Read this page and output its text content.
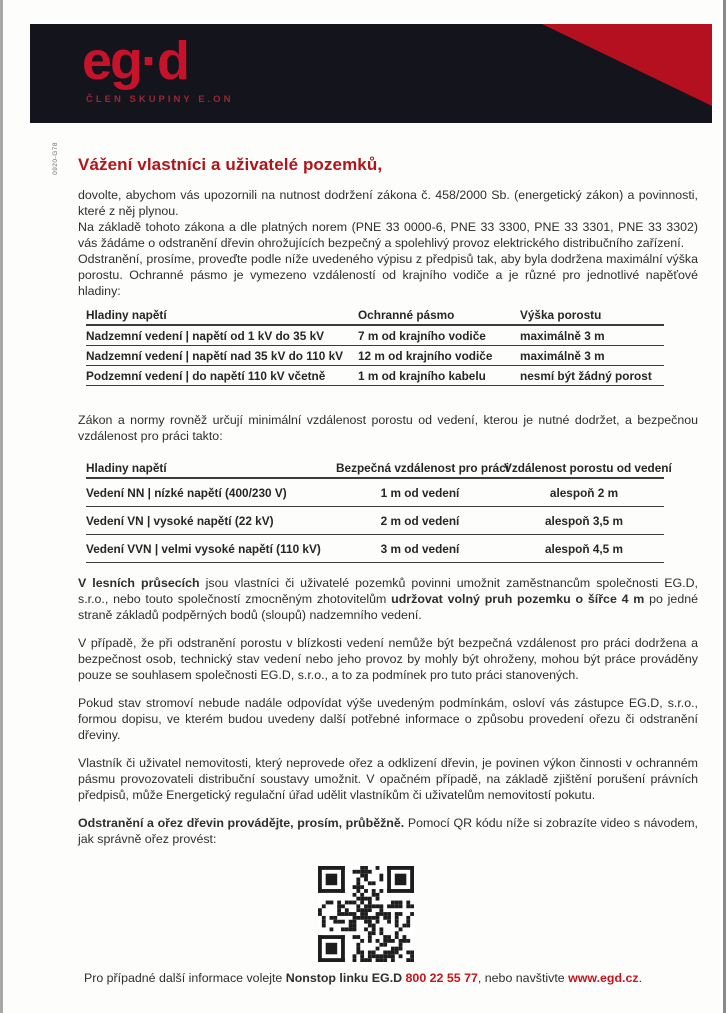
eg·d
ČLEN SKUPINY E.ON
0920-G78 Vážení vlastníci a uživatelé pozemků,

dovolte, abychom vás upozornili na nutnost dodržení zákona č. 458/2000 Sb. (energetický zákon) a povinnosti, které z něj plynou.

Na základě tohoto zákona a dle platných norem (PNE 33 0000-6, PNE 33 3300, PNE 33 3301, PNE 33 3302) vás žádáme o odstranění dřevin ohrožujících bezpečný a spolehlivý provoz elektrického distribučního zařízení.

Odstranění, prosíme, proveďte podle níže uvedeného výpisu z předpisů tak, aby byla dodržena maximální výška porostu. Ochranné pásmo je vymezeno vzdáleností od krajního vodiče a je různé pro jednotlivé napěťové hladiny:

Hladiny napětí	Ochranné pásmo	Výška porostu
Nadzemní vedení | napětí od 1 kV do 35 kV	7 m od krajního vodiče	maximálně 3 m
Nadzemní vedení | napětí nad 35 kV do 110 kV	12 m od krajního vodiče	maximálně 3 m
Podzemní vedení | do napětí 110 kV včetně	1 m od krajního kabelu	nesmí být žádný porost

Zákon a normy rovněž určují minimální vzdálenost porostu od vedení, kterou je nutné dodržet, a bezpečnou vzdálenost pro práci takto:

Hladiny napětí	Bezpečná vzdálenost pro práci	Vzdálenost porostu od vedení
Vedení NN | nízké napětí (400/230 V)	1 m od vedení	alespoň 2 m
Vedení VN | vysoké napětí (22 kV)	2 m od vedení	alespoň 3,5 m
Vedení VVN | velmi vysoké napětí (110 kV)	3 m od vedení	alespoň 4,5 m

V lesních průsecích jsou vlastníci či uživatelé pozemků povinni umožnit zaměstnancům společnosti EG.D, s.r.o., nebo touto společností zmocněným zhotovitelům udržovat volný pruh pozemku o šířce 4 m po jedné straně základů podpěrných bodů (sloupů) nadzemního vedení.

V případě, že při odstranění porostu v blízkosti vedení nemůže být bezpečná vzdálenost pro práci dodržena a bezpečnost osob, technický stav vedení nebo jeho provoz by mohly být ohroženy, mohou být práce prováděny pouze se souhlasem společnosti EG.D, s.r.o., a to za podmínek pro tuto práci stanovených.

Pokud stav stromoví nebude nadále odpovídat výše uvedeným podmínkám, osloví vás zástupce EG.D, s.r.o., formou dopisu, ve kterém budou uvedeny další potřebné informace o způsobu provedení ořezu či odstranění dřeviny.

Vlastník či uživatel nemovitosti, který neprovede ořez a odklizení dřevin, je povinen výkon činnosti v ochranném pásmu provozovateli distribuční soustavy umožnit. V opačném případě, na základě zjištění porušení právních předpisů, může Energetický regulační úřad udělit vlastníkům či uživatelům nemovitostí pokutu.

Odstranění a ořez dřevin provádějte, prosím, průběžně. Pomocí QR kódu níže si zobrazíte video s návodem, jak správně ořez provést:

Pro případné další informace volejte Nonstop linku EG.D 800 22 55 77, nebo navštivte www.egd.cz.
